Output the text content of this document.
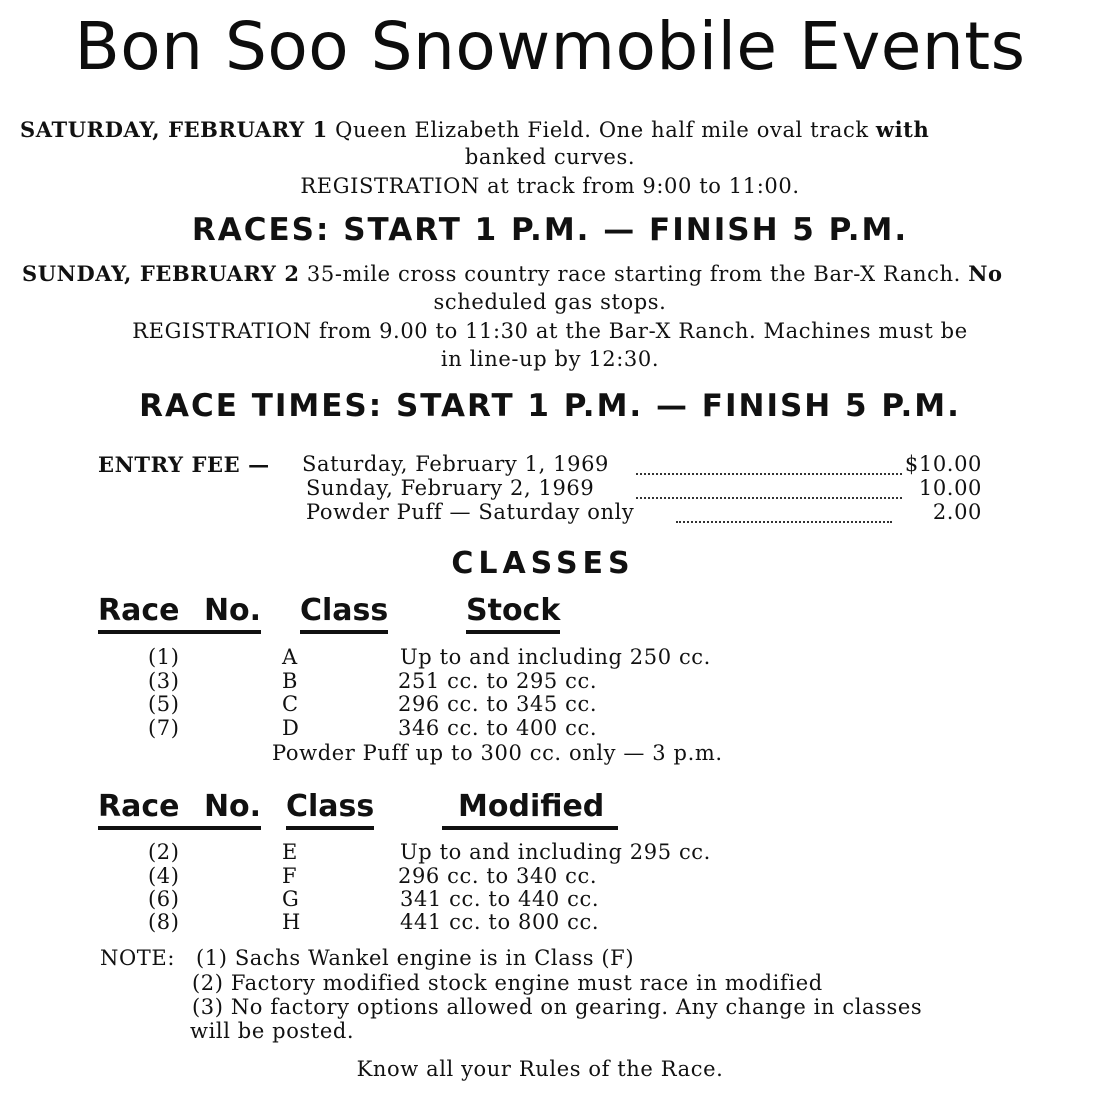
Bon Soo Snowmobile Events
SATURDAY, FEBRUARY 1 Queen Elizabeth Field. One half mile oval track with
banked curves.
REGISTRATION at track from 9:00 to 11:00.
RACES: START 1 P.M. — FINISH 5 P.M.
SUNDAY, FEBRUARY 2 35-mile cross country race starting from the Bar-X Ranch. No
scheduled gas stops.
REGISTRATION from 9.00 to 11:30 at the Bar-X Ranch. Machines must be
in line-up by 12:30.
RACE TIMES: START 1 P.M. — FINISH 5 P.M.
ENTRY FEE — Saturday, February 1, 1969	$10.00
Sunday, February 2, 1969	10.00
Powder Puff — Saturday only	2.00
CLASSES
Race No. Class	Stock
(1)	A	Up to and including 250 cc.
(3)	B	251 cc. to 295 cc.
(5)	C	296 cc. to 345 cc.
(7)	D	346 cc. to 400 cc.
Powder Puff up to 300 cc. only — 3 p.m.
Race No. Class	Modified
(2)	E	Up to and including 295 cc.
(4)	F	296 cc. to 340 cc.
(6)	G	341 cc. to 440 cc.
(8)	H	441 cc. to 800 cc.
NOTE: (1) Sachs Wankel engine is in Class (F)
(2) Factory modified stock engine must race in modified
(3) No factory options allowed on gearing. Any change in classes
will be posted.
Know all your Rules of the Race.
